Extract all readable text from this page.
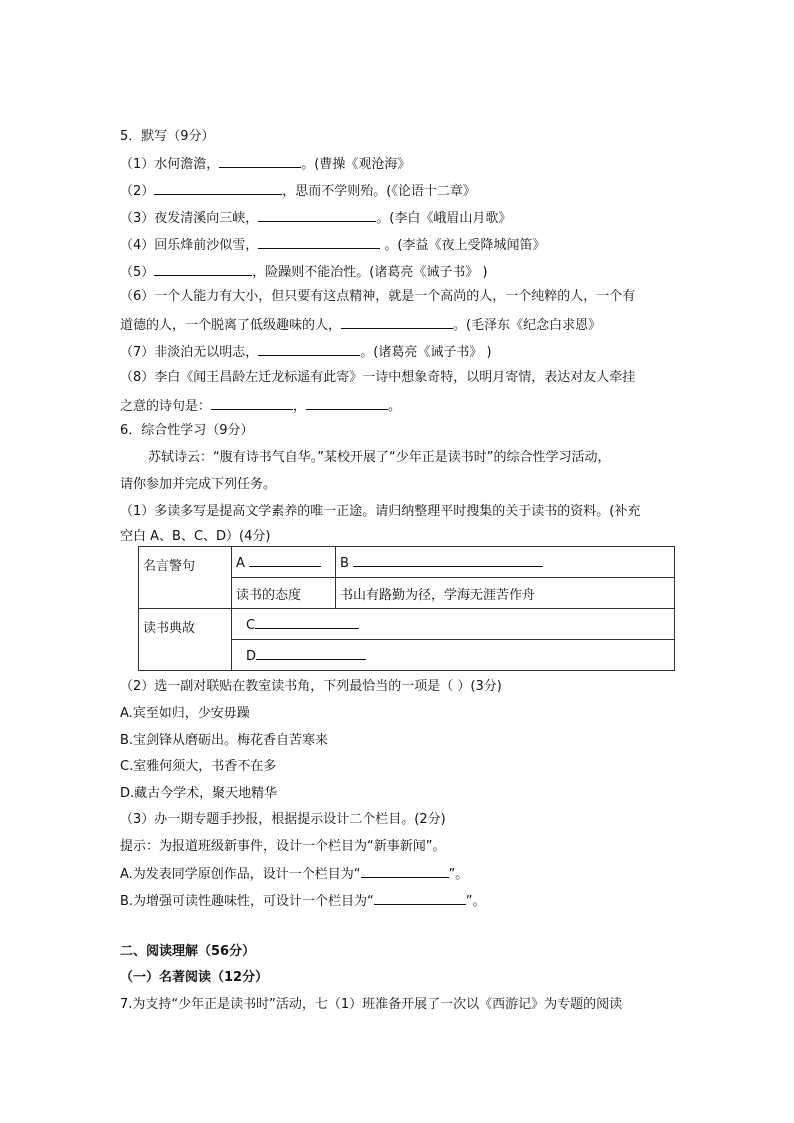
5．默写（9分）
（1）水何澹澹，	。(曹操《观沧海》
（2）	，思而不学则殆。(《论语十二章》
（3）夜发清溪向三峡，	。(李白《峨眉山月歌》
（4）回乐烽前沙似雪，	。(李益《夜上受降城闻笛》
（5）	，险躁则不能冶性。(诸葛亮《诫子书》 )
（6）一个人能力有大小，但只要有这点精神，就是一个高尚的人，一个纯粹的人，一个有
道德的人，一个脱离了低级趣味的人，	。(毛泽东《纪念白求恩》
（7）非淡泊无以明志，	。(诸葛亮《诫子书》 )
（8）李白《闻王昌龄左迁龙标遥有此寄》一诗中想象奇特，以明月寄情，表达对友人牵挂
之意的诗句是：	，	。
6．综合性学习（9分）
苏轼诗云：“腹有诗书气自华。”某校开展了“少年正是读书时”的综合性学习活动，
请你参加并完成下列任务。
（1）多读多写是提高文学素养的唯一正途。请归纳整理平时搜集的关于读书的资料。(补充
空白 A、B、C、D）(4分)
名言警句	A	B
	读书的态度	书山有路勤为径，学海无涯苦作舟
读书典故	C	
	D	
（2）选一副对联贴在教室读书角，下列最恰当的一项是（ ）(3分)
A.宾至如归，少安毋躁
B.宝剑锋从磨砺出。梅花香自苦寒来
C.室雅何须大，书香不在多
D.藏古今学术，聚天地精华
（3）办一期专题手抄报，根据提示设计二个栏目。(2分)
提示：为报道班级新事件，设计一个栏目为“新事新闻”。
A.为发表同学原创作品，设计一个栏目为“	”。
B.为增强可读性趣味性，可设计一个栏目为“	”。
二、阅读理解（56分）
（一）名著阅读（12分）
7.为支持“少年正是读书时”活动，七（1）班准备开展了一次以《西游记》为专题的阅读
